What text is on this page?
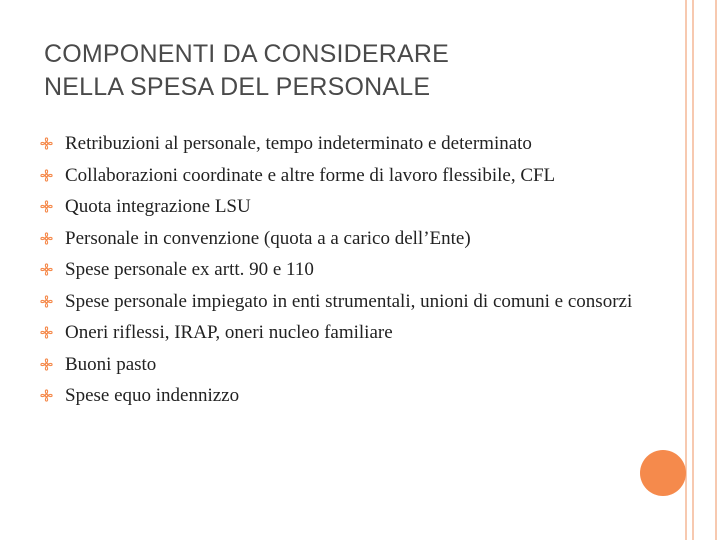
COMPONENTI DA CONSIDERARE
NELLA SPESA DEL PERSONALE
Retribuzioni al personale, tempo indeterminato e determinato
Collaborazioni coordinate e altre forme di lavoro flessibile, CFL
Quota integrazione LSU
Personale in convenzione (quota a a carico dell’Ente)
Spese personale ex artt. 90 e 110
Spese personale impiegato in enti strumentali, unioni di comuni e consorzi
Oneri riflessi, IRAP, oneri nucleo familiare
Buoni pasto
Spese equo indennizzo
